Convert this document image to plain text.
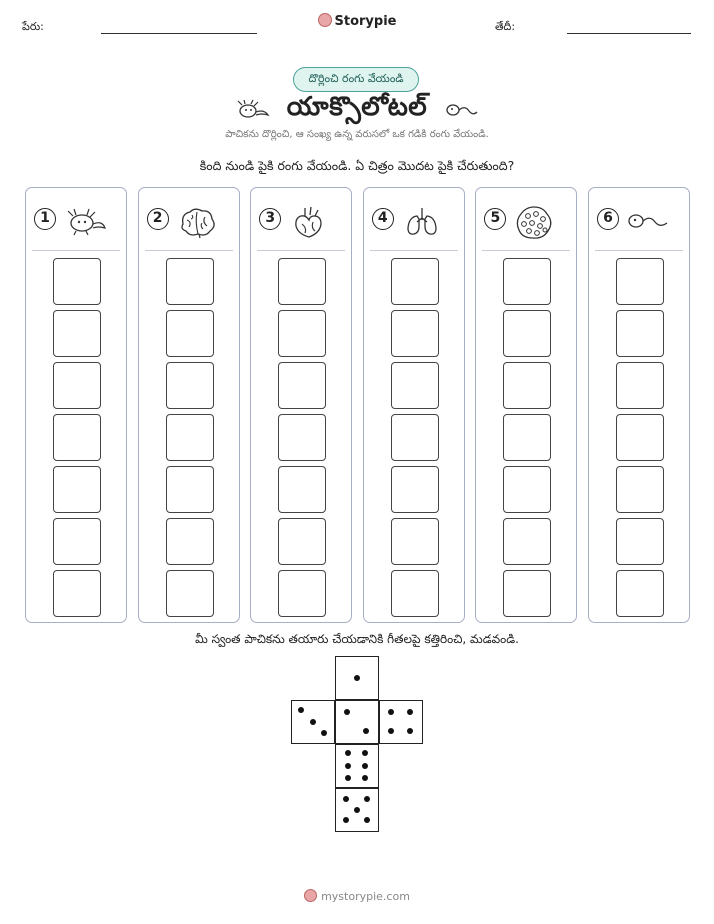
పేరు:	Storypie	తేదీ:
దొర్లించి రంగు వేయండి
యాక్సొలోటల్
పాచికను దొర్లించి, ఆ సంఖ్య ఉన్న వరుసలో ఒక గడికి రంగు వేయండి.
కింది నుండి పైకి రంగు వేయండి. ఏ చిత్రం మొదట పైకి చేరుతుంది?
1	2	3	4	5	6
మీ స్వంత పాచికను తయారు చేయడానికి గీతలపై కత్తిరించి, మడవండి.
mystorypie.com
